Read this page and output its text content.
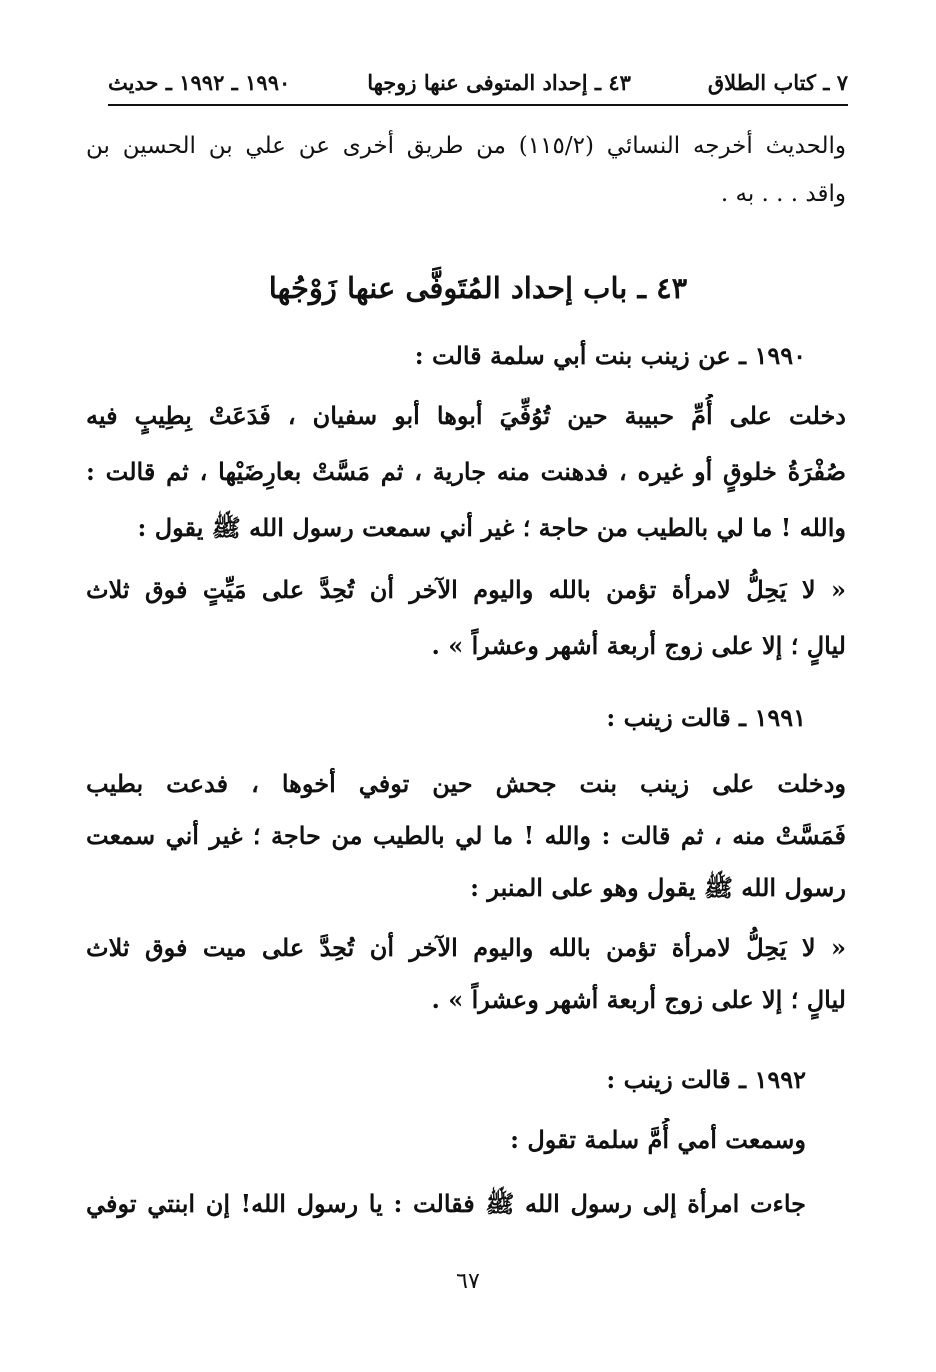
٧ ـ كتاب الطلاق
٤٣ ـ إحداد المتوفى عنها زوجها
١٩٩٠ ـ ١٩٩٢ ـ حديث
والحديث أخرجه النسائي (١١٥/٢) من طريق أخرى عن علي بن الحسين بن
واقد . . . به .
٤٣ ـ باب إحداد المُتَوفَّى عنها زَوْجُها
١٩٩٠ ـ عن زينب بنت أبي سلمة قالت :
دخلت على أُمِّ حبيبة حين تُوُفِّيَ أبوها أبو سفيان ، فَدَعَتْ بِطِيبٍ فيه
صُفْرَةُ خلوقٍ أو غيره ، فدهنت منه جارية ، ثم مَسَّتْ بعارِضَيْها ، ثم قالت :
والله ! ما لي بالطيب من حاجة ؛ غير أني سمعت رسول الله ﷺ يقول :
« لا يَحِلُّ لامرأة تؤمن بالله واليوم الآخر أن تُحِدَّ على مَيِّتٍ فوق ثلاث
ليالٍ ؛ إلا على زوج أربعة أشهر وعشراً » .
١٩٩١ ـ قالت زينب :
ودخلت على زينب بنت جحش حين توفي أخوها ، فدعت بطيب
فَمَسَّتْ منه ، ثم قالت : والله ! ما لي بالطيب من حاجة ؛ غير أني سمعت
رسول الله ﷺ يقول وهو على المنبر :
« لا يَحِلُّ لامرأة تؤمن بالله واليوم الآخر أن تُحِدَّ على ميت فوق ثلاث
ليالٍ ؛ إلا على زوج أربعة أشهر وعشراً » .
١٩٩٢ ـ قالت زينب :
وسمعت أمي أُمَّ سلمة تقول :
جاءت امرأة إلى رسول الله ﷺ فقالت : يا رسول الله! إن ابنتي توفي
٦٧
